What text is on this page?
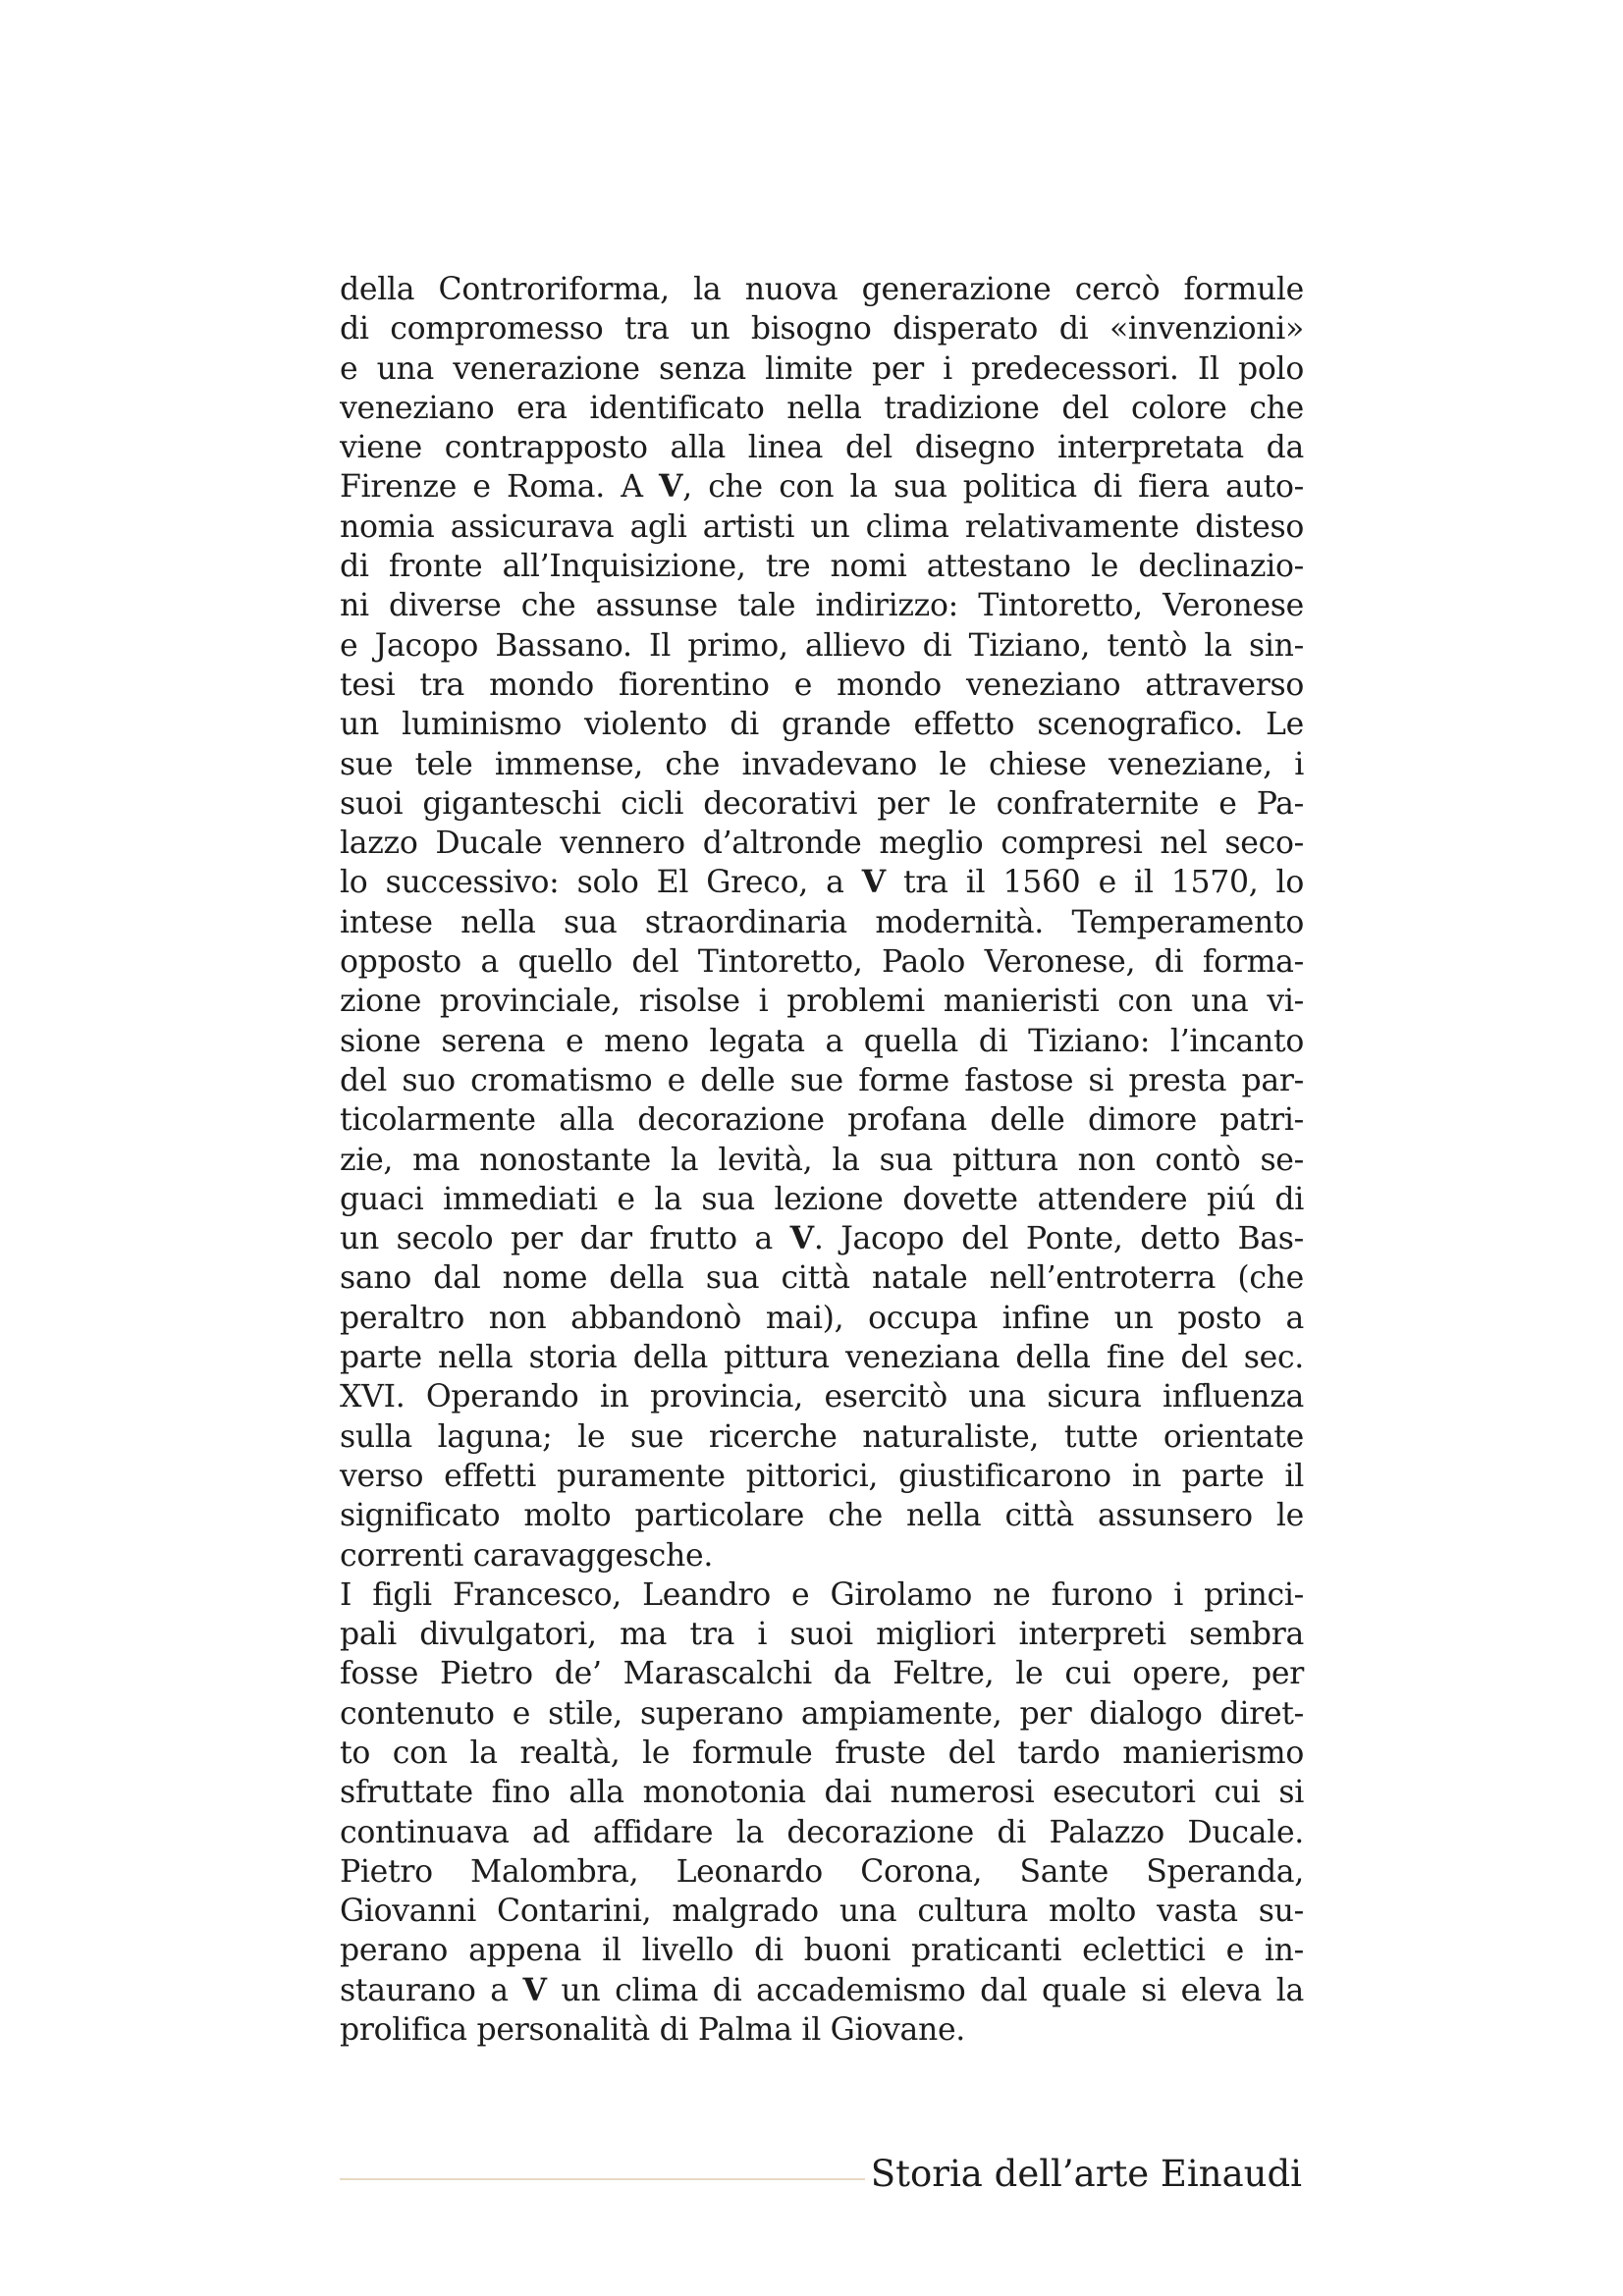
della Controriforma, la nuova generazione cercò formule
di compromesso tra un bisogno disperato di «invenzioni»
e una venerazione senza limite per i predecessori. Il polo
veneziano era identificato nella tradizione del colore che
viene contrapposto alla linea del disegno interpretata da
Firenze e Roma. A V, che con la sua politica di fiera auto-
nomia assicurava agli artisti un clima relativamente disteso
di fronte all’Inquisizione, tre nomi attestano le declinazio-
ni diverse che assunse tale indirizzo: Tintoretto, Veronese
e Jacopo Bassano. Il primo, allievo di Tiziano, tentò la sin-
tesi tra mondo fiorentino e mondo veneziano attraverso
un luminismo violento di grande effetto scenografico. Le
sue tele immense, che invadevano le chiese veneziane, i
suoi giganteschi cicli decorativi per le confraternite e Pa-
lazzo Ducale vennero d’altronde meglio compresi nel seco-
lo successivo: solo El Greco, a V tra il 1560 e il 1570, lo
intese nella sua straordinaria modernità. Temperamento
opposto a quello del Tintoretto, Paolo Veronese, di forma-
zione provinciale, risolse i problemi manieristi con una vi-
sione serena e meno legata a quella di Tiziano: l’incanto
del suo cromatismo e delle sue forme fastose si presta par-
ticolarmente alla decorazione profana delle dimore patri-
zie, ma nonostante la levità, la sua pittura non contò se-
guaci immediati e la sua lezione dovette attendere piú di
un secolo per dar frutto a V. Jacopo del Ponte, detto Bas-
sano dal nome della sua città natale nell’entroterra (che
peraltro non abbandonò mai), occupa infine un posto a
parte nella storia della pittura veneziana della fine del sec.
XVI. Operando in provincia, esercitò una sicura influenza
sulla laguna; le sue ricerche naturaliste, tutte orientate
verso effetti puramente pittorici, giustificarono in parte il
significato molto particolare che nella città assunsero le
correnti caravaggesche.
I figli Francesco, Leandro e Girolamo ne furono i princi-
pali divulgatori, ma tra i suoi migliori interpreti sembra
fosse Pietro de’ Marascalchi da Feltre, le cui opere, per
contenuto e stile, superano ampiamente, per dialogo diret-
to con la realtà, le formule fruste del tardo manierismo
sfruttate fino alla monotonia dai numerosi esecutori cui si
continuava ad affidare la decorazione di Palazzo Ducale.
Pietro Malombra, Leonardo Corona, Sante Speranda,
Giovanni Contarini, malgrado una cultura molto vasta su-
perano appena il livello di buoni praticanti eclettici e in-
staurano a V un clima di accademismo dal quale si eleva la
prolifica personalità di Palma il Giovane.
Storia dell’arte Einaudi
